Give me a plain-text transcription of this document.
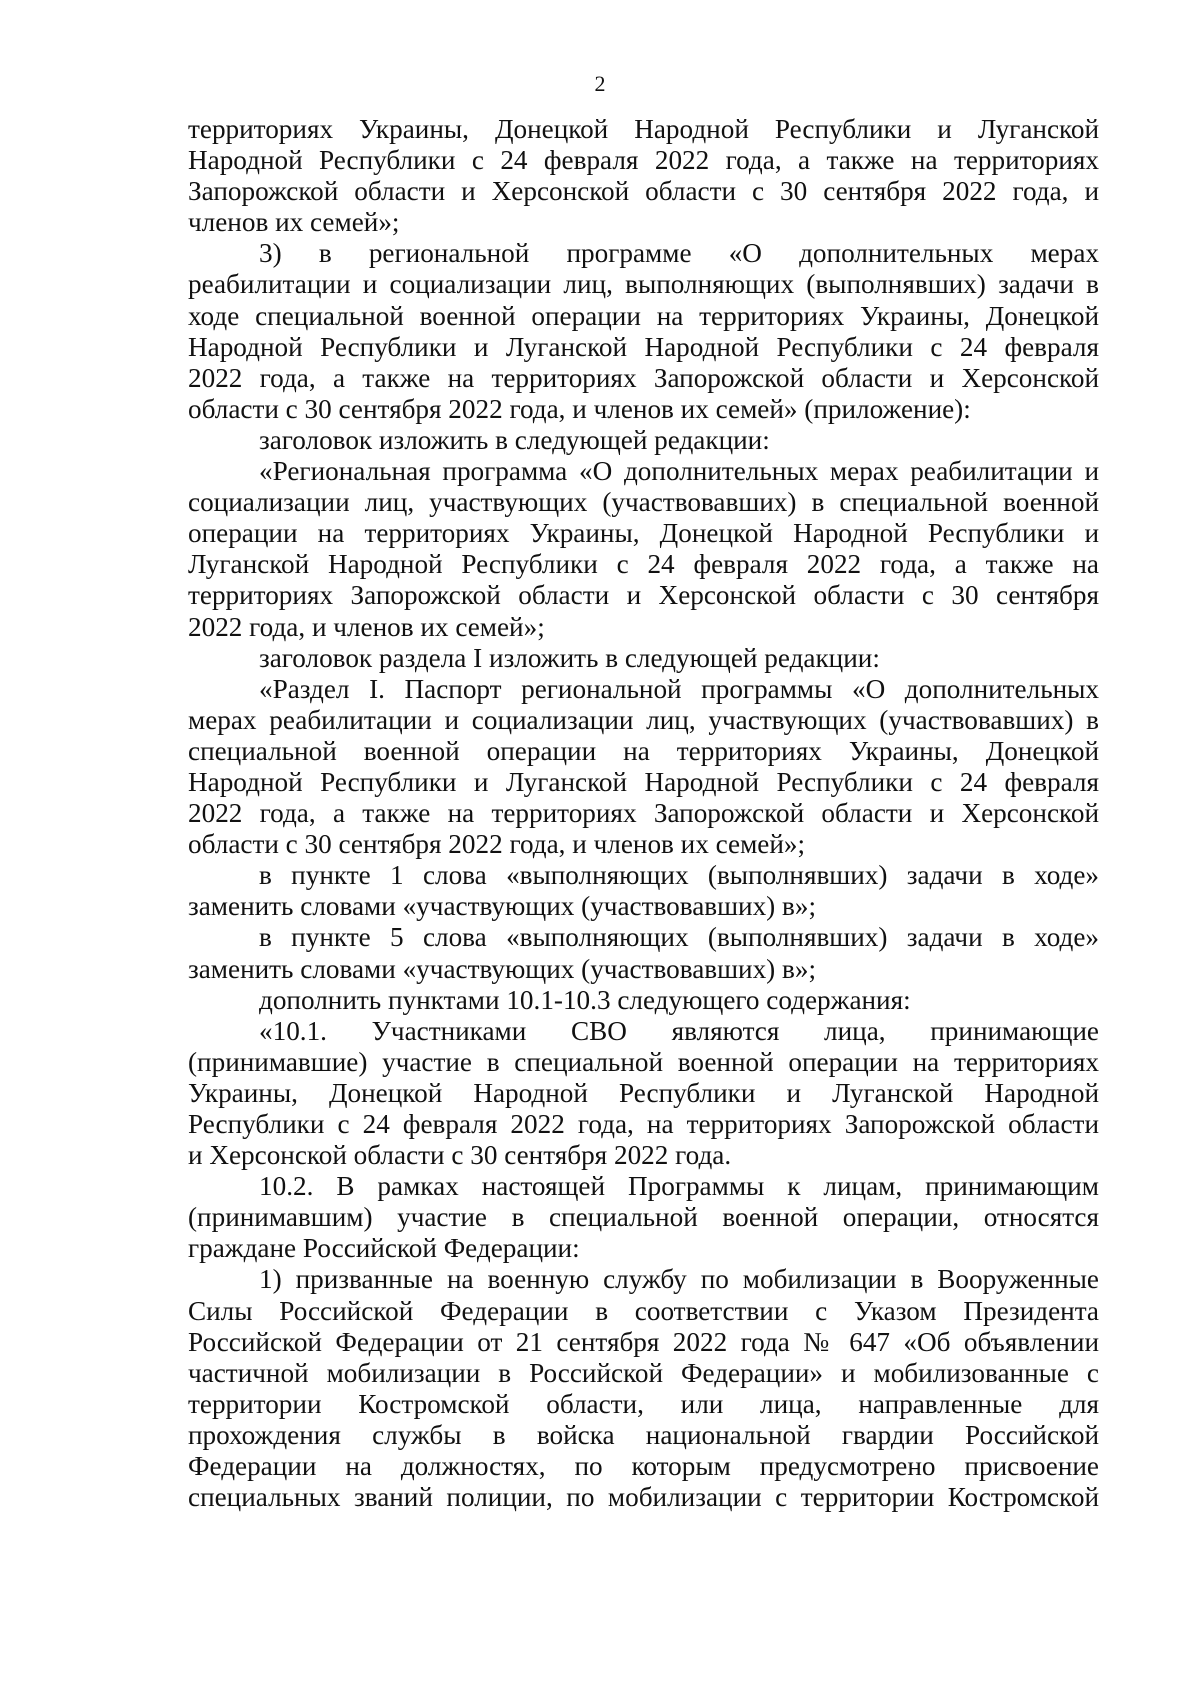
2
территориях Украины, Донецкой Народной Республики и Луганской
Народной Республики с 24 февраля 2022 года, а также на территориях
Запорожской области и Херсонской области с 30 сентября 2022 года, и
членов их семей»;
3) в региональной программе «О дополнительных мерах
реабилитации и социализации лиц, выполняющих (выполнявших) задачи в
ходе специальной военной операции на территориях Украины, Донецкой
Народной Республики и Луганской Народной Республики с 24 февраля
2022 года, а также на территориях Запорожской области и Херсонской
области с 30 сентября 2022 года, и членов их семей» (приложение):
заголовок изложить в следующей редакции:
«Региональная программа «О дополнительных мерах реабилитации и
социализации лиц, участвующих (участвовавших) в специальной военной
операции на территориях Украины, Донецкой Народной Республики и
Луганской Народной Республики с 24 февраля 2022 года, а также на
территориях Запорожской области и Херсонской области с 30 сентября
2022 года, и членов их семей»;
заголовок раздела I изложить в следующей редакции:
«Раздел I. Паспорт региональной программы «О дополнительных
мерах реабилитации и социализации лиц, участвующих (участвовавших) в
специальной военной операции на территориях Украины, Донецкой
Народной Республики и Луганской Народной Республики с 24 февраля
2022 года, а также на территориях Запорожской области и Херсонской
области с 30 сентября 2022 года, и членов их семей»;
в пункте 1 слова «выполняющих (выполнявших) задачи в ходе»
заменить словами «участвующих (участвовавших) в»;
в пункте 5 слова «выполняющих (выполнявших) задачи в ходе»
заменить словами «участвующих (участвовавших) в»;
дополнить пунктами 10.1-10.3 следующего содержания:
«10.1. Участниками СВО являются лица, принимающие
(принимавшие) участие в специальной военной операции на территориях
Украины, Донецкой Народной Республики и Луганской Народной
Республики с 24 февраля 2022 года, на территориях Запорожской области
и Херсонской области с 30 сентября 2022 года.
10.2. В рамках настоящей Программы к лицам, принимающим
(принимавшим) участие в специальной военной операции, относятся
граждане Российской Федерации:
1) призванные на военную службу по мобилизации в Вооруженные
Силы Российской Федерации в соответствии с Указом Президента
Российской Федерации от 21 сентября 2022 года № 647 «Об объявлении
частичной мобилизации в Российской Федерации» и мобилизованные с
территории Костромской области, или лица, направленные для
прохождения службы в войска национальной гвардии Российской
Федерации на должностях, по которым предусмотрено присвоение
специальных званий полиции, по мобилизации с территории Костромской
